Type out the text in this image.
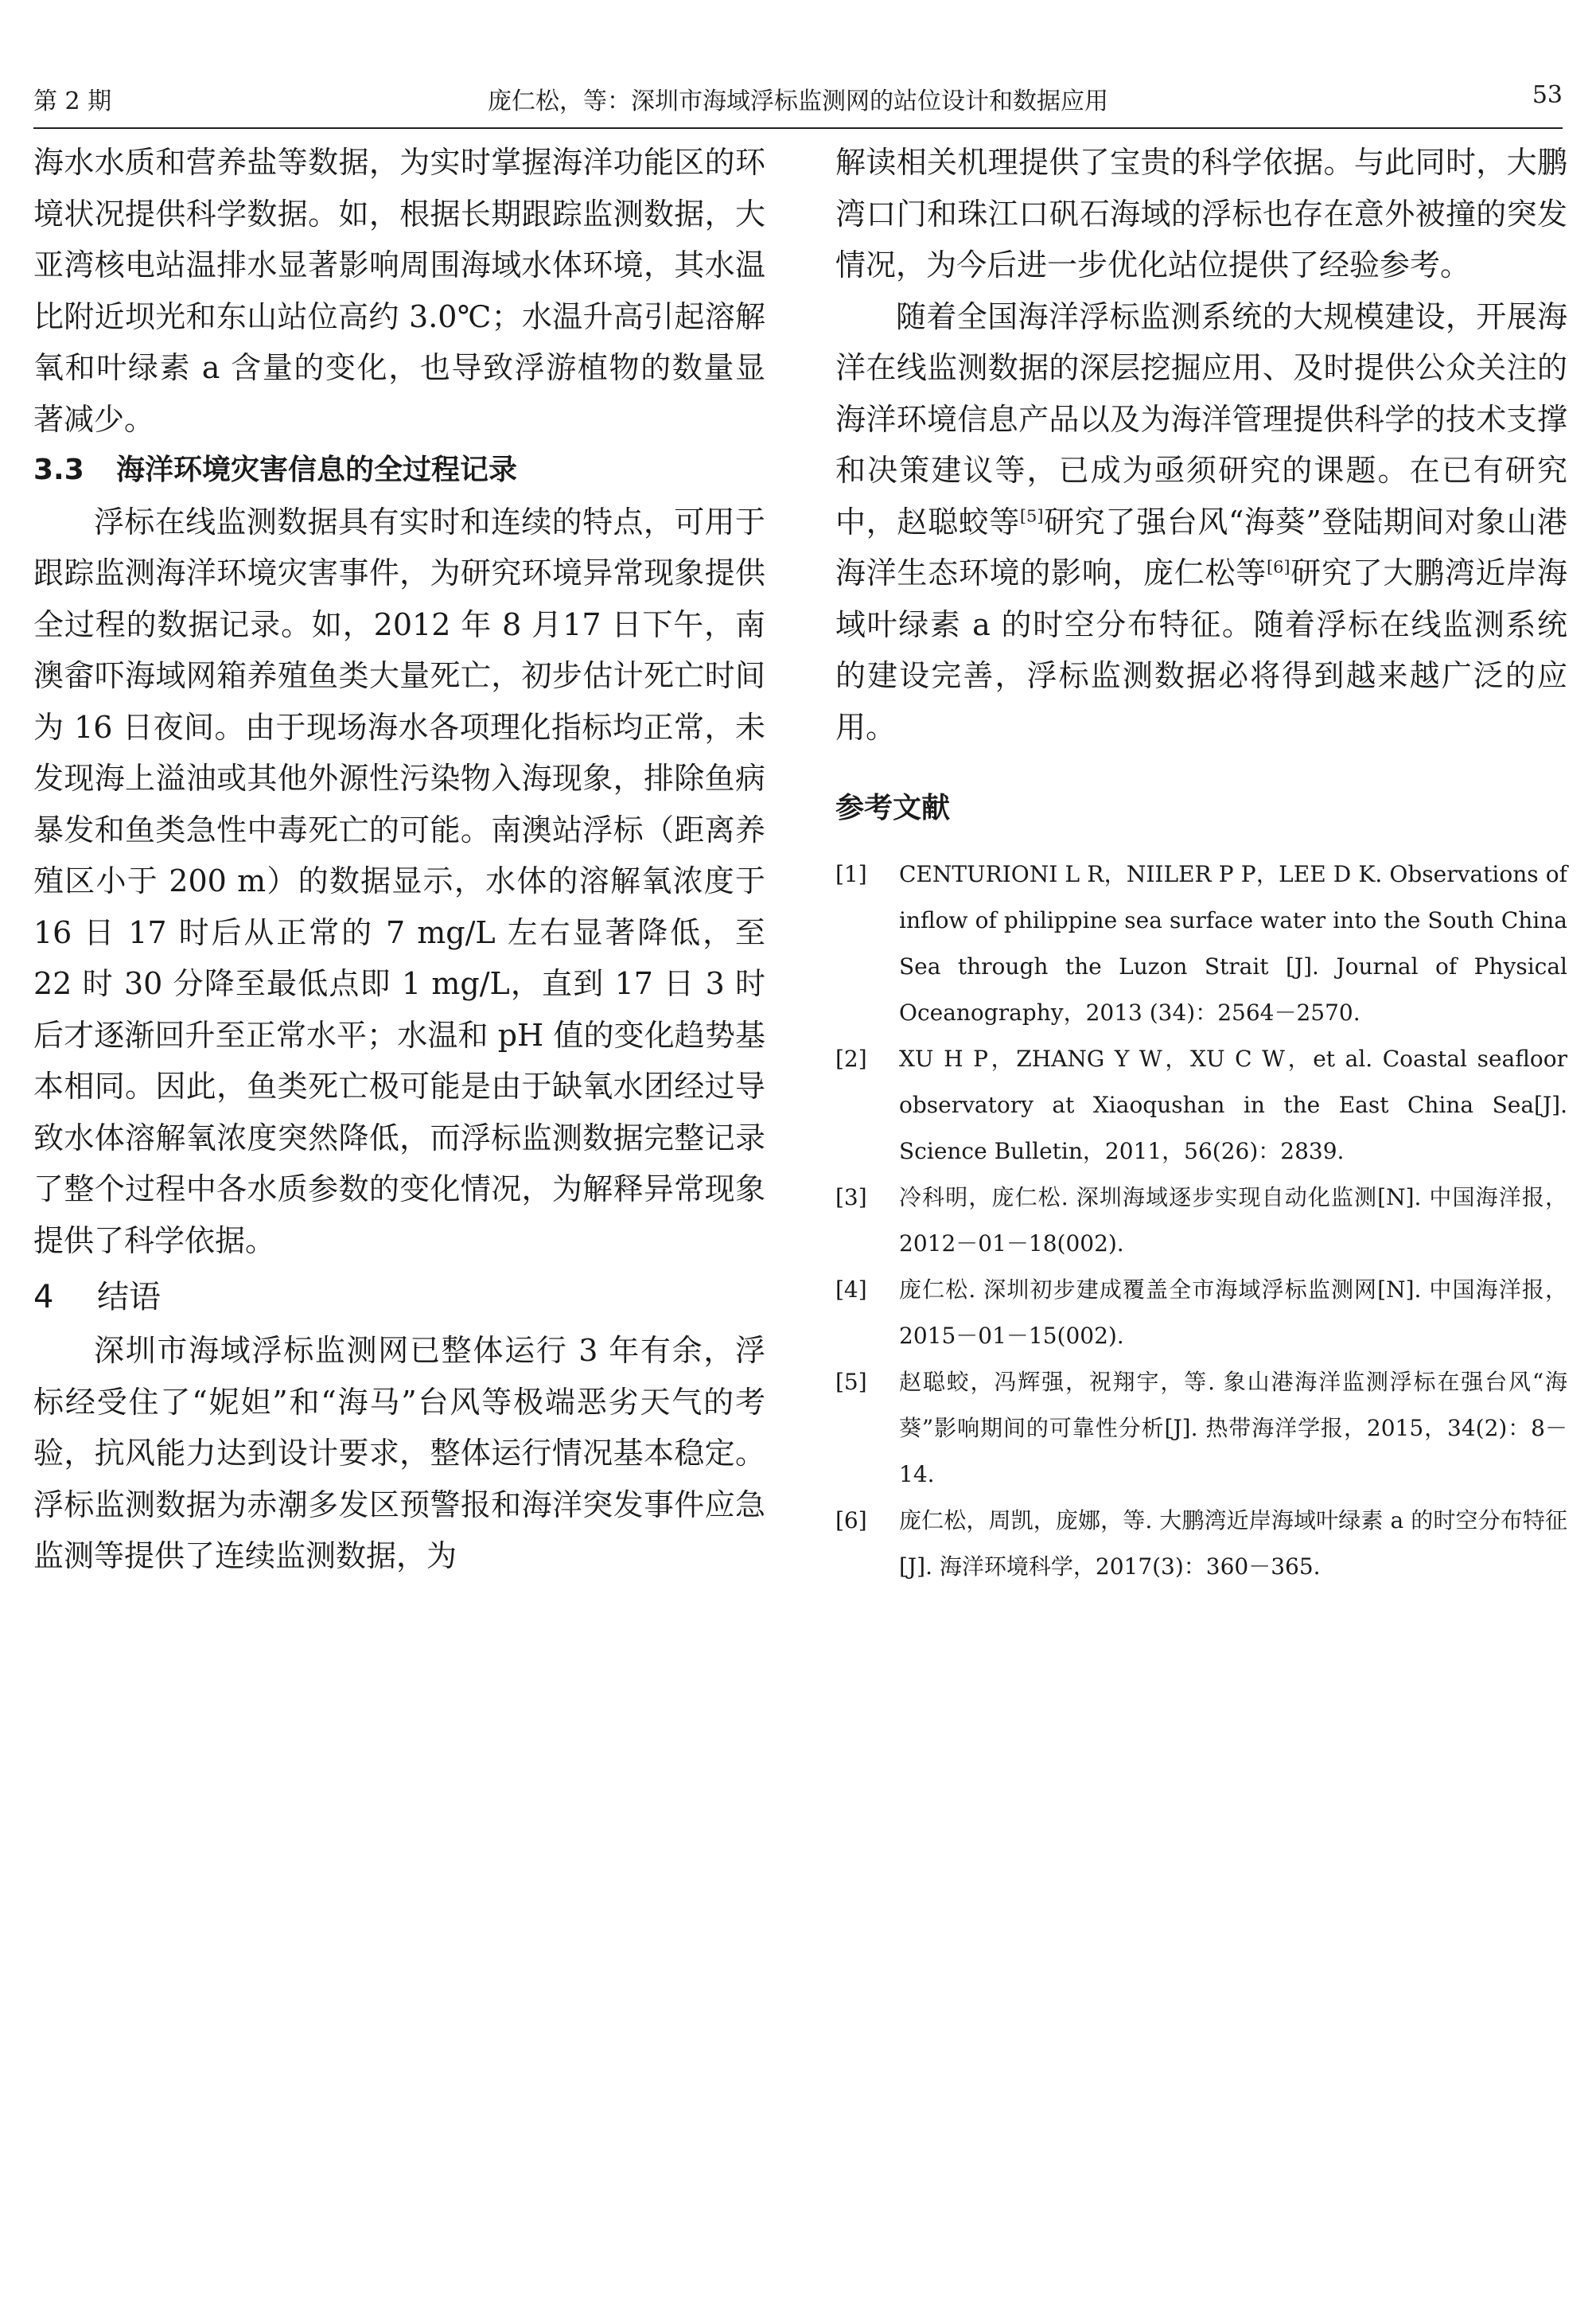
第 2 期	庞仁松，等：深圳市海域浮标监测网的站位设计和数据应用	53

海水水质和营养盐等数据，为实时掌握海洋功能区的环境状况提供科学数据。如，根据长期跟踪监测数据，大亚湾核电站温排水显著影响周围海域水体环境，其水温比附近坝光和东山站位高约 3.0℃；水温升高引起溶解氧和叶绿素 a 含量的变化，也导致浮游植物的数量显著减少。

3.3 海洋环境灾害信息的全过程记录

浮标在线监测数据具有实时和连续的特点，可用于跟踪监测海洋环境灾害事件，为研究环境异常现象提供全过程的数据记录。如，2012 年 8 月17 日下午，南澳畲吓海域网箱养殖鱼类大量死亡，初步估计死亡时间为 16 日夜间。由于现场海水各项理化指标均正常，未发现海上溢油或其他外源性污染物入海现象，排除鱼病暴发和鱼类急性中毒死亡的可能。南澳站浮标（距离养殖区小于 200 m）的数据显示，水体的溶解氧浓度于 16 日 17 时后从正常的 7 mg/L 左右显著降低，至 22 时 30 分降至最低点即 1 mg/L，直到 17 日 3 时后才逐渐回升至正常水平；水温和 pH 值的变化趋势基本相同。因此，鱼类死亡极可能是由于缺氧水团经过导致水体溶解氧浓度突然降低，而浮标监测数据完整记录了整个过程中各水质参数的变化情况，为解释异常现象提供了科学依据。

4 结语

深圳市海域浮标监测网已整体运行 3 年有余，浮标经受住了“妮妲”和“海马”台风等极端恶劣天气的考验，抗风能力达到设计要求，整体运行情况基本稳定。浮标监测数据为赤潮多发区预警报和海洋突发事件应急监测等提供了连续监测数据，为

解读相关机理提供了宝贵的科学依据。与此同时，大鹏湾口门和珠江口矾石海域的浮标也存在意外被撞的突发情况，为今后进一步优化站位提供了经验参考。

随着全国海洋浮标监测系统的大规模建设，开展海洋在线监测数据的深层挖掘应用、及时提供公众关注的海洋环境信息产品以及为海洋管理提供科学的技术支撑和决策建议等，已成为亟须研究的课题。在已有研究中，赵聪蛟等[5]研究了强台风“海葵”登陆期间对象山港海洋生态环境的影响，庞仁松等[6]研究了大鹏湾近岸海域叶绿素 a 的时空分布特征。随着浮标在线监测系统的建设完善，浮标监测数据必将得到越来越广泛的应用。

参考文献
[1] CENTURIONI L R，NIILER P P，LEE D K. Observations of inflow of philippine sea surface water into the South China Sea through the Luzon Strait [J]. Journal of Physical Oceanography，2013 (34)：2564－2570.
[2] XU H P，ZHANG Y W，XU C W，et al. Coastal seafloor observatory at Xiaoqushan in the East China Sea[J]. Science Bulletin，2011，56(26)：2839.
[3] 冷科明，庞仁松. 深圳海域逐步实现自动化监测[N]. 中国海洋报，2012－01－18(002).
[4] 庞仁松. 深圳初步建成覆盖全市海域浮标监测网[N]. 中国海洋报，2015－01－15(002).
[5] 赵聪蛟，冯辉强，祝翔宇，等. 象山港海洋监测浮标在强台风“海葵”影响期间的可靠性分析[J]. 热带海洋学报，2015，34(2)：8－14.
[6] 庞仁松，周凯，庞娜，等. 大鹏湾近岸海域叶绿素 a 的时空分布特征[J]. 海洋环境科学，2017(3)：360－365.
